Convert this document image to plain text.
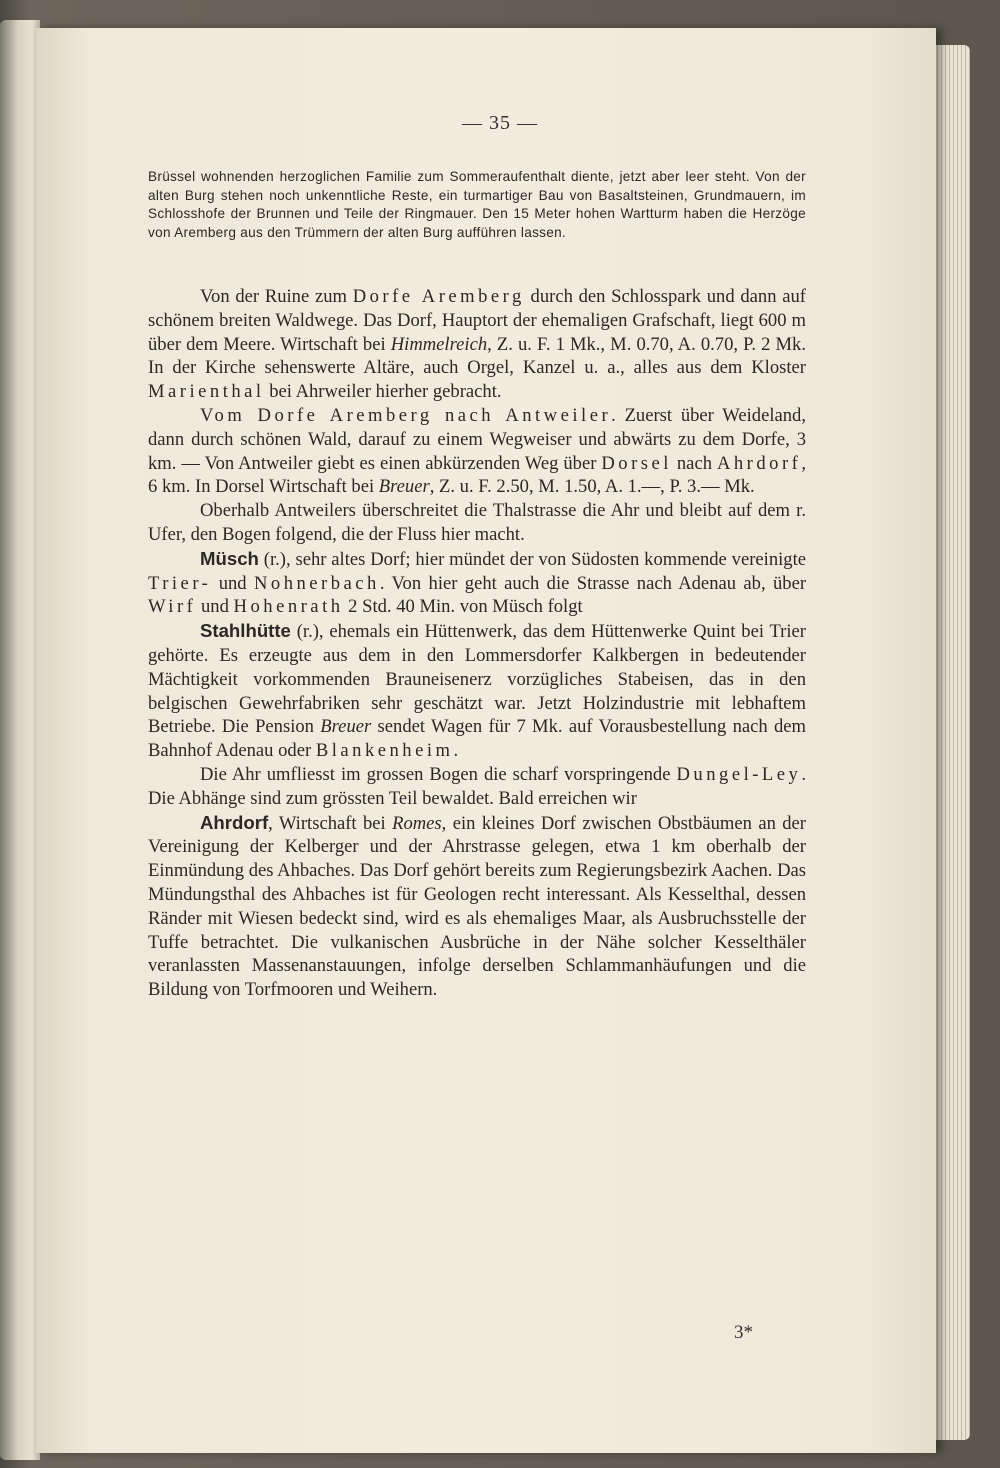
— 35 —
Brüssel wohnenden herzoglichen Familie zum Sommeraufenthalt diente, jetzt aber leer steht. Von der alten Burg stehen noch unkenntliche Reste, ein turmartiger Bau von Basaltsteinen, Grundmauern, im Schlosshofe der Brunnen und Teile der Ringmauer. Den 15 Meter hohen Wartturm haben die Herzöge von Aremberg aus den Trümmern der alten Burg aufführen lassen.

Von der Ruine zum Dorfe Aremberg durch den Schlosspark und dann auf schönem breiten Waldwege. Das Dorf, Hauptort der ehemaligen Grafschaft, liegt 600 m über dem Meere. Wirtschaft bei Himmelreich, Z. u. F. 1 Mk., M. 0.70, A. 0.70, P. 2 Mk. In der Kirche sehenswerte Altäre, auch Orgel, Kanzel u. a., alles aus dem Kloster Marienthal bei Ahrweiler hierher gebracht.

Vom Dorfe Aremberg nach Antweiler. Zuerst über Weideland, dann durch schönen Wald, darauf zu einem Wegweiser und abwärts zu dem Dorfe, 3 km. — Von Antweiler giebt es einen abkürzenden Weg über Dorsel nach Ahrdorf, 6 km. In Dorsel Wirtschaft bei Breuer, Z. u. F. 2.50, M. 1.50, A. 1.—, P. 3.— Mk.

Oberhalb Antweilers überschreitet die Thalstrasse die Ahr und bleibt auf dem r. Ufer, den Bogen folgend, die der Fluss hier macht.

Müsch (r.), sehr altes Dorf; hier mündet der von Südosten kommende vereinigte Trier- und Nohnerbach. Von hier geht auch die Strasse nach Adenau ab, über Wirf und Hohenrath 2 Std. 40 Min. von Müsch folgt

Stahlhütte (r.), ehemals ein Hüttenwerk, das dem Hüttenwerke Quint bei Trier gehörte. Es erzeugte aus dem in den Lommersdorfer Kalkbergen in bedeutender Mächtigkeit vorkommenden Brauneisenerz vorzügliches Stabeisen, das in den belgischen Gewehrfabriken sehr geschätzt war. Jetzt Holzindustrie mit lebhaftem Betriebe. Die Pension Breuer sendet Wagen für 7 Mk. auf Vorausbestellung nach dem Bahnhof Adenau oder Blankenheim.

Die Ahr umfliesst im grossen Bogen die scharf vorspringende Dungel-Ley. Die Abhänge sind zum grössten Teil bewaldet. Bald erreichen wir

Ahrdorf, Wirtschaft bei Romes, ein kleines Dorf zwischen Obstbäumen an der Vereinigung der Kelberger und der Ahrstrasse gelegen, etwa 1 km oberhalb der Einmündung des Ahbaches. Das Dorf gehört bereits zum Regierungsbezirk Aachen. Das Mündungsthal des Ahbaches ist für Geologen recht interessant. Als Kesselthal, dessen Ränder mit Wiesen bedeckt sind, wird es als ehemaliges Maar, als Ausbruchsstelle der Tuffe betrachtet. Die vulkanischen Ausbrüche in der Nähe solcher Kesselthäler veranlassten Massenanstauungen, infolge derselben Schlammanhäufungen und die Bildung von Torfmooren und Weihern.

3*
